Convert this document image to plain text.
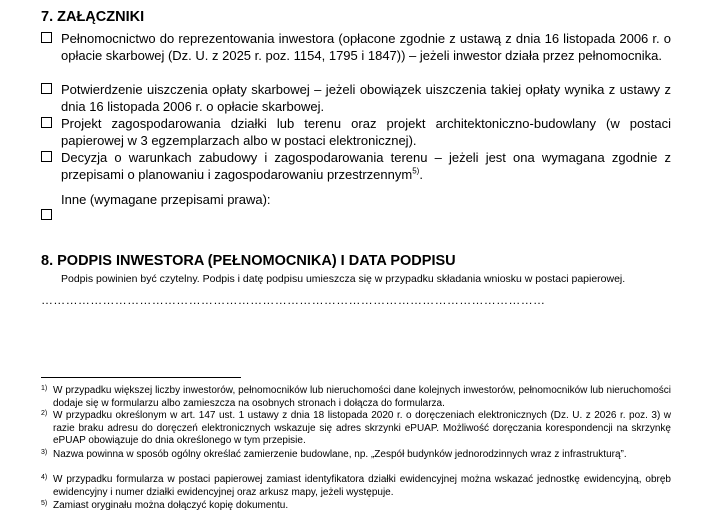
7. ZAŁĄCZNIKI
Pełnomocnictwo do reprezentowania inwestora (opłacone zgodnie z ustawą z dnia 16 listopada 2006 r. o opłacie skarbowej (Dz. U. z 2025 r. poz. 1154, 1795 i 1847)) – jeżeli inwestor działa przez pełnomocnika.
Potwierdzenie uiszczenia opłaty skarbowej – jeżeli obowiązek uiszczenia takiej opłaty wynika z ustawy z dnia 16 listopada 2006 r. o opłacie skarbowej.
Projekt zagospodarowania działki lub terenu oraz projekt architektoniczno-budowlany (w postaci papierowej w 3 egzemplarzach albo w postaci elektronicznej).
Decyzja o warunkach zabudowy i zagospodarowania terenu – jeżeli jest ona wymagana zgodnie z przepisami o planowaniu i zagospodarowaniu przestrzennym$^{5)}$.
Inne (wymagane przepisami prawa):
8. PODPIS INWESTORA (PEŁNOMOCNIKA) I DATA PODPISU
Podpis powinien być czytelny. Podpis i datę podpisu umieszcza się w przypadku składania wniosku w postaci papierowej.
……………………………………………………………………………………………………………
1) W przypadku większej liczby inwestorów, pełnomocników lub nieruchomości dane kolejnych inwestorów, pełnomocników lub nieruchomości dodaje się w formularzu albo zamieszcza na osobnych stronach i dołącza do formularza.
2) W przypadku określonym w art. 147 ust. 1 ustawy z dnia 18 listopada 2020 r. o doręczeniach elektronicznych (Dz. U. z 2026 r. poz. 3) w razie braku adresu do doręczeń elektronicznych wskazuje się adres skrzynki ePUAP. Możliwość doręczania korespondencji na skrzynkę ePUAP obowiązuje do dnia określonego w tym przepisie.
3) Nazwa powinna w sposób ogólny określać zamierzenie budowlane, np. „Zespół budynków jednorodzinnych wraz z infrastrukturą”.
4) W przypadku formularza w postaci papierowej zamiast identyfikatora działki ewidencyjnej można wskazać jednostkę ewidencyjną, obręb ewidencyjny i numer działki ewidencyjnej oraz arkusz mapy, jeżeli występuje.
5) Zamiast oryginału można dołączyć kopię dokumentu.
